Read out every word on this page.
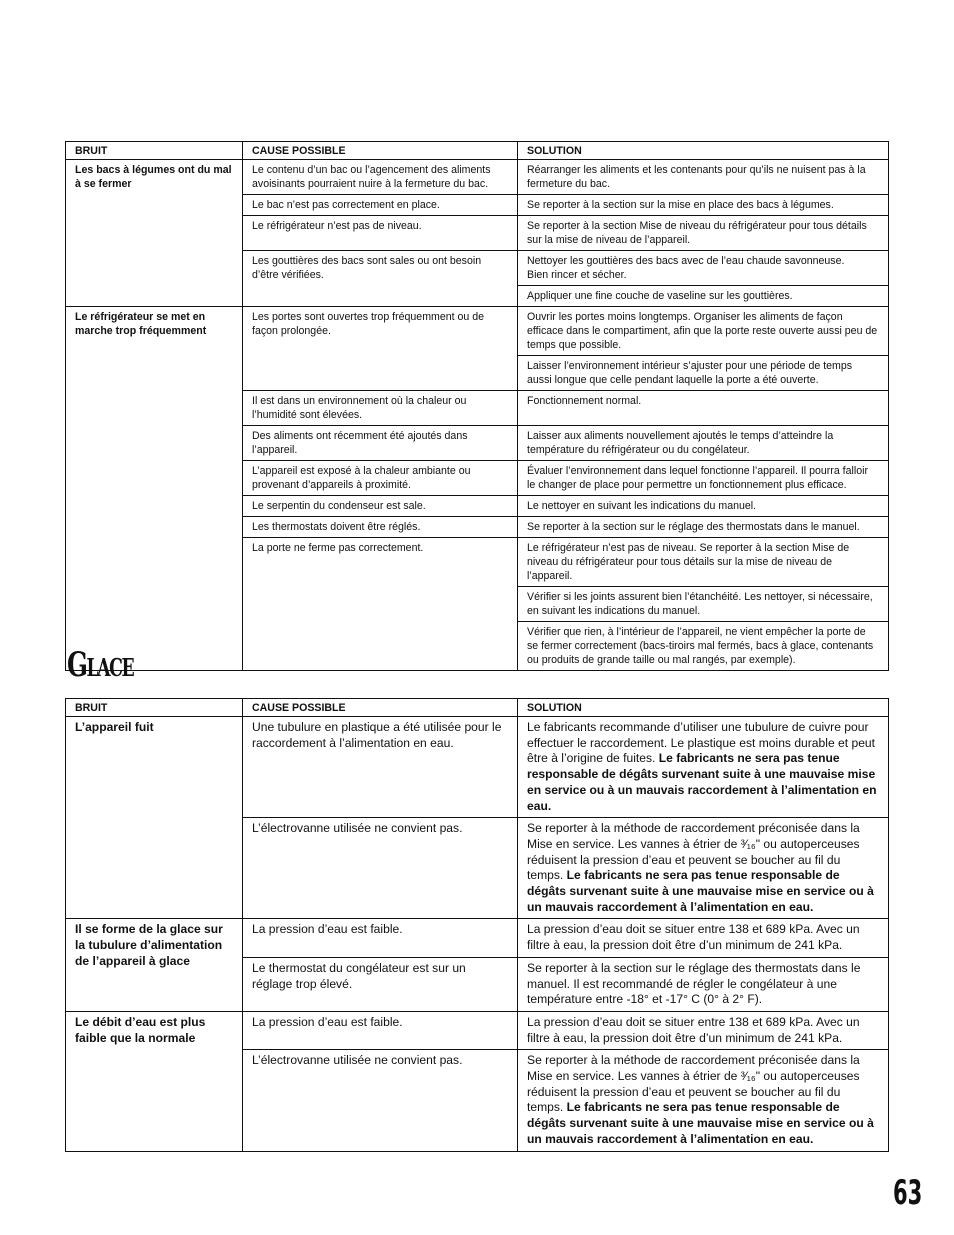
BRUIT	CAUSE POSSIBLE	SOLUTION
Les bacs à légumes ont du mal à se fermer	Le contenu d’un bac ou l’agencement des aliments avoisinants pourraient nuire à la fermeture du bac.	Réarranger les aliments et les contenants pour qu’ils ne nuisent pas à la fermeture du bac.
	Le bac n’est pas correctement en place.	Se reporter à la section sur la mise en place des bacs à légumes.
	Le réfrigérateur n’est pas de niveau.	Se reporter à la section Mise de niveau du réfrigérateur pour tous détails sur la mise de niveau de l’appareil.
	Les gouttières des bacs sont sales ou ont besoin d’être vérifiées.	Nettoyer les gouttières des bacs avec de l’eau chaude savonneuse.
Bien rincer et sécher.
		Appliquer une fine couche de vaseline sur les gouttières.
Le réfrigérateur se met en marche trop fréquemment	Les portes sont ouvertes trop fréquemment ou de façon prolongée.	Ouvrir les portes moins longtemps. Organiser les aliments de façon efficace dans le compartiment, afin que la porte reste ouverte aussi peu de temps que possible.
		Laisser l’environnement intérieur s’ajuster pour une période de temps aussi longue que celle pendant laquelle la porte a été ouverte.
	Il est dans un environnement où la chaleur ou l’humidité sont élevées.	Fonctionnement normal.
	Des aliments ont récemment été ajoutés dans l’appareil.	Laisser aux aliments nouvellement ajoutés le temps d’atteindre la température du réfrigérateur ou du congélateur.
	L’appareil est exposé à la chaleur ambiante ou provenant d’appareils à proximité.	Évaluer l’environnement dans lequel fonctionne l’appareil. Il pourra falloir le changer de place pour permettre un fonctionnement plus efficace.
	Le serpentin du condenseur est sale.	Le nettoyer en suivant les indications du manuel.
	Les thermostats doivent être réglés.	Se reporter à la section sur le réglage des thermostats dans le manuel.
	La porte ne ferme pas correctement.	Le réfrigérateur n’est pas de niveau. Se reporter à la section Mise de niveau du réfrigérateur pour tous détails sur la mise de niveau de l’appareil.
		Vérifier si les joints assurent bien l’étanchéité. Les nettoyer, si nécessaire, en suivant les indications du manuel.
		Vérifier que rien, à l’intérieur de l’appareil, ne vient empêcher la porte de se fermer correctement (bacs-tiroirs mal fermés, bacs à glace, contenants ou produits de grande taille ou mal rangés, par exemple).
Glace
BRUIT	CAUSE POSSIBLE	SOLUTION
L’appareil fuit	Une tubulure en plastique a été utilisée pour le raccordement à l’alimentation en eau.	Le fabricants recommande d’utiliser une tubulure de cuivre pour effectuer le raccordement. Le plastique est moins durable et peut être à l’origine de fuites. Le fabricants ne sera pas tenue responsable de dégâts survenant suite à une mauvaise mise en service ou à un mauvais raccordement à l’alimentation en eau.
	L’électrovanne utilisée ne convient pas.	Se reporter à la méthode de raccordement préconisée dans la Mise en service. Les vannes à étrier de ³⁄₁₆" ou autoperceuses réduisent la pression d’eau et peuvent se boucher au fil du temps. Le fabricants ne sera pas tenue responsable de dégâts survenant suite à une mauvaise mise en service ou à un mauvais raccordement à l’alimentation en eau.
Il se forme de la glace sur la tubulure d’alimentation de l’appareil à glace	La pression d’eau est faible.	La pression d’eau doit se situer entre 138 et 689 kPa. Avec un filtre à eau, la pression doit être d’un minimum de 241 kPa.
	Le thermostat du congélateur est sur un réglage trop élevé.	Se reporter à la section sur le réglage des thermostats dans le manuel. Il est recommandé de régler le congélateur à une température entre -18° et -17° C (0° à 2° F).
Le débit d’eau est plus faible que la normale	La pression d’eau est faible.	La pression d’eau doit se situer entre 138 et 689 kPa. Avec un filtre à eau, la pression doit être d’un minimum de 241 kPa.
	L’électrovanne utilisée ne convient pas.	Se reporter à la méthode de raccordement préconisée dans la Mise en service. Les vannes à étrier de ³⁄₁₆" ou autoperceuses réduisent la pression d’eau et peuvent se boucher au fil du temps. Le fabricants ne sera pas tenue responsable de dégâts survenant suite à une mauvaise mise en service ou à un mauvais raccordement à l’alimentation en eau.
63
